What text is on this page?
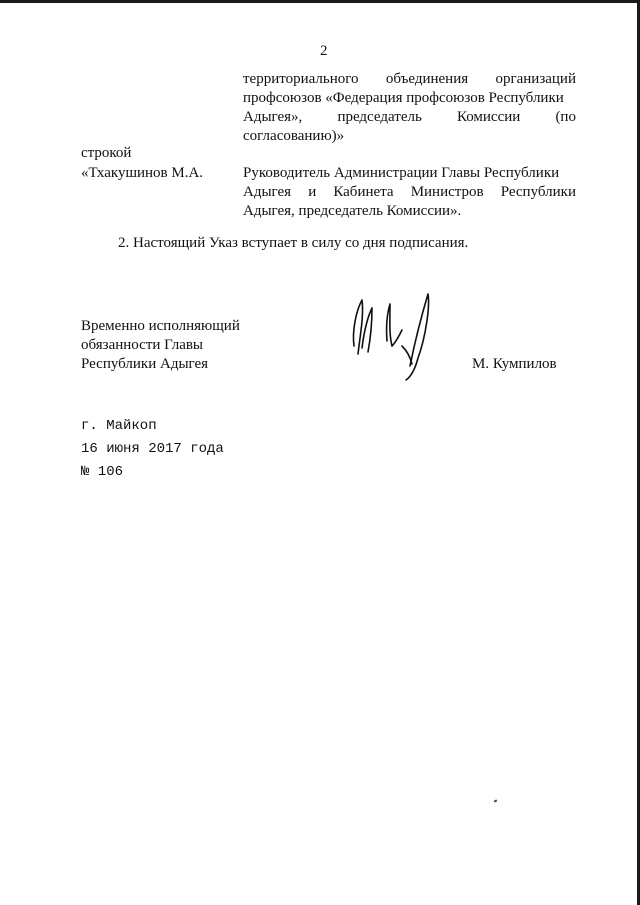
2
территориального объединения организаций
профсоюзов «Федерация профсоюзов Республики
Адыгея», председатель Комиссии (по
согласованию)»
строкой
«Тхакушинов М.А.	Руководитель Администрации Главы Республики
Адыгея и Кабинета Министров Республики
Адыгея, председатель Комиссии».
2. Настоящий Указ вступает в силу со дня подписания.
Временно исполняющий
обязанности Главы
Республики Адыгея	М. Кумпилов
г. Майкоп
16 июня 2017 года
№ 106
